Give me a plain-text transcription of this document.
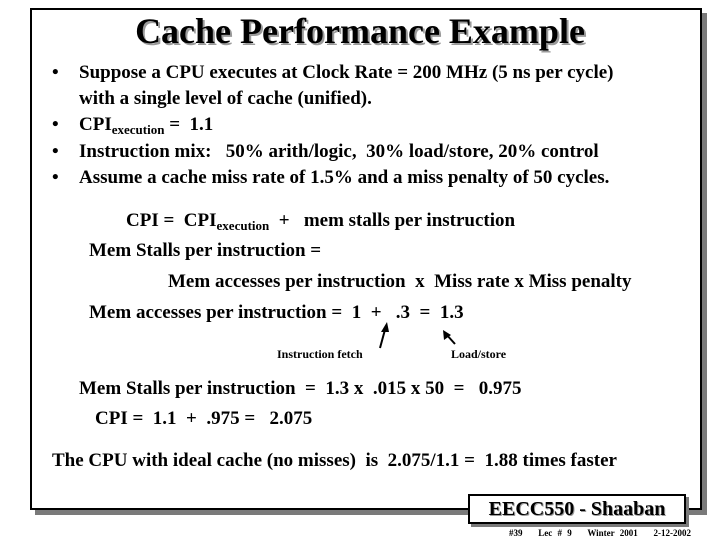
Cache Performance Example
• Suppose a CPU executes at Clock Rate = 200 MHz (5 ns per cycle)
with a single level of cache (unified).
• $CPI_{execution} = 1.1$
• Instruction mix:   50% arith/logic,  30% load/store, 20% control
• Assume a cache miss rate of 1.5% and a miss penalty of 50 cycles.
CPI =  $CPI_{execution}$  +   mem stalls per instruction
Mem Stalls per instruction =
Mem accesses per instruction  x  Miss rate x Miss penalty
Mem accesses per instruction =  1  +   .3  =  1.3
Instruction fetch	Load/store
Mem Stalls per instruction  =  1.3 x  .015 x 50  =   0.975
CPI =  1.1  +  .975 =   2.075
The CPU with ideal cache (no misses)  is  2.075/1.1 =  1.88 times faster
EECC550 - Shaaban
#39   Lec # 9   Winter 2001   2-12-2002
